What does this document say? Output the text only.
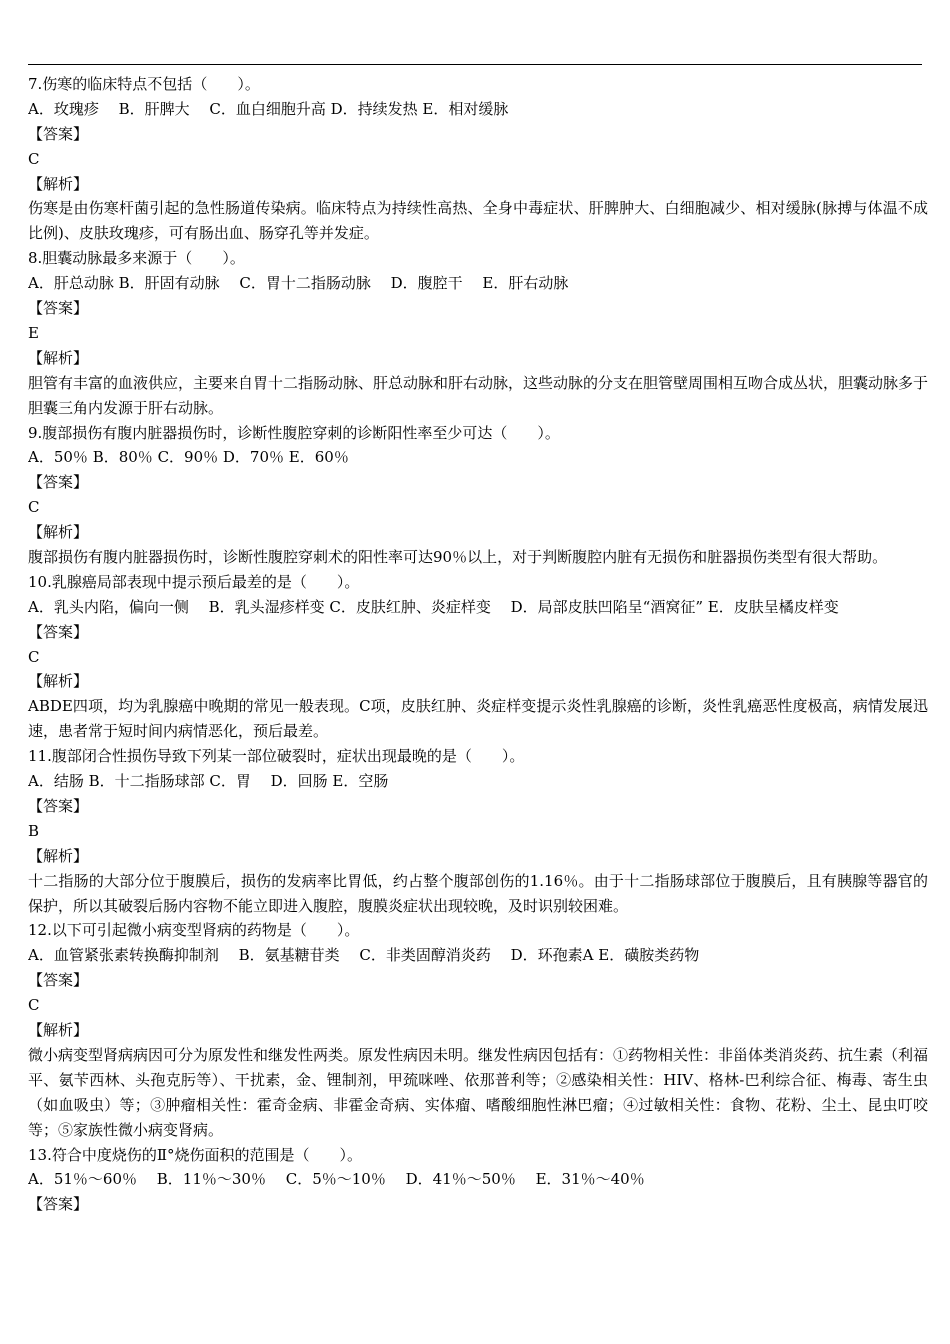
7.伤寒的临床特点不包括（　　）。
A．玫瑰疹　 B．肝脾大　 C．血白细胞升高 D．持续发热 E．相对缓脉
【答案】
C
【解析】
伤寒是由伤寒杆菌引起的急性肠道传染病。临床特点为持续性高热、全身中毒症状、肝脾肿大、白细胞减少、相对缓脉(脉搏与体温不成比例)、皮肤玫瑰疹，可有肠出血、肠穿孔等并发症。
8.胆囊动脉最多来源于（　　）。
A．肝总动脉 B．肝固有动脉　 C．胃十二指肠动脉　 D．腹腔干　 E．肝右动脉
【答案】
E
【解析】
胆管有丰富的血液供应，主要来自胃十二指肠动脉、肝总动脉和肝右动脉，这些动脉的分支在胆管壁周围相互吻合成丛状，胆囊动脉多于胆囊三角内发源于肝右动脉。
9.腹部损伤有腹内脏器损伤时，诊断性腹腔穿刺的诊断阳性率至少可达（　　）。
A．50％ B．80％ C．90％ D．70％ E．60％
【答案】
C
【解析】
腹部损伤有腹内脏器损伤时，诊断性腹腔穿刺术的阳性率可达90％以上，对于判断腹腔内脏有无损伤和脏器损伤类型有很大帮助。
10.乳腺癌局部表现中提示预后最差的是（　　）。
A．乳头内陷，偏向一侧　 B．乳头湿疹样变 C．皮肤红肿、炎症样变　 D．局部皮肤凹陷呈“酒窝征” E．皮肤呈橘皮样变
【答案】
C
【解析】
ABDE四项，均为乳腺癌中晚期的常见一般表现。C项，皮肤红肿、炎症样变提示炎性乳腺癌的诊断，炎性乳癌恶性度极高，病情发展迅速，患者常于短时间内病情恶化，预后最差。
11.腹部闭合性损伤导致下列某一部位破裂时，症状出现最晚的是（　　）。
A．结肠 B．十二指肠球部 C．胃　 D．回肠 E．空肠
【答案】
B
【解析】
十二指肠的大部分位于腹膜后，损伤的发病率比胃低，约占整个腹部创伤的1.16％。由于十二指肠球部位于腹膜后，且有胰腺等器官的保护，所以其破裂后肠内容物不能立即进入腹腔，腹膜炎症状出现较晚，及时识别较困难。
12.以下可引起微小病变型肾病的药物是（　　）。
A．血管紧张素转换酶抑制剂　 B．氨基糖苷类　 C．非类固醇消炎药　 D．环孢素A E．磺胺类药物
【答案】
C
【解析】
微小病变型肾病病因可分为原发性和继发性两类。原发性病因未明。继发性病因包括有：①药物相关性：非甾体类消炎药、抗生素（利福平、氨苄西林、头孢克肟等）、干扰素，金、锂制剂，甲巯咪唑、依那普利等；②感染相关性：HIV、格林-巴利综合征、梅毒、寄生虫（如血吸虫）等；③肿瘤相关性：霍奇金病、非霍金奇病、实体瘤、嗜酸细胞性淋巴瘤；④过敏相关性：食物、花粉、尘土、昆虫叮咬等；⑤家族性微小病变肾病。
13.符合中度烧伤的Ⅱ°烧伤面积的范围是（　　）。
A．51％～60％　 B．11％～30％　 C．5％～10％　 D．41％～50％　 E．31％～40％
【答案】
